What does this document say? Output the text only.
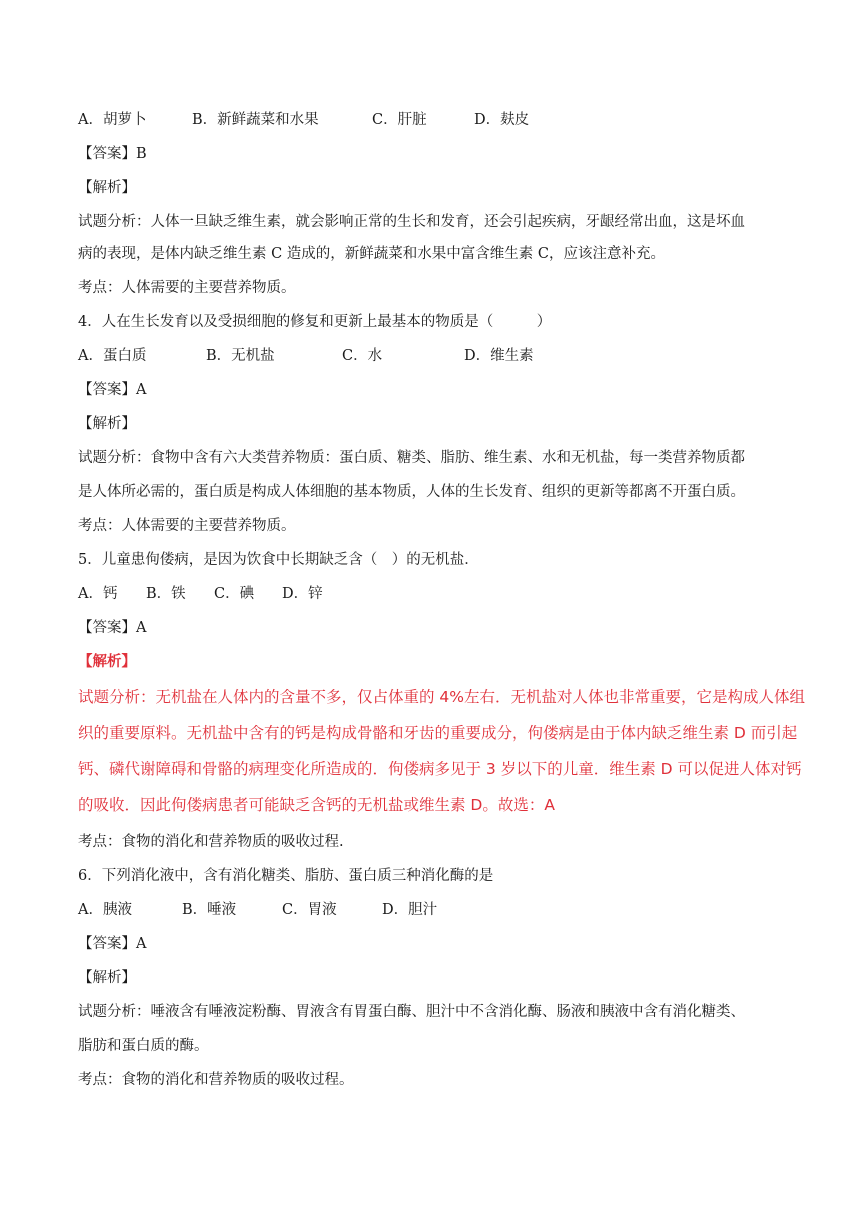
A．胡萝卜	B．新鲜蔬菜和水果	C．肝脏	D．麸皮
【答案】B
【解析】
试题分析：人体一旦缺乏维生素，就会影响正常的生长和发育，还会引起疾病，牙龈经常出血，这是坏血
病的表现，是体内缺乏维生素 C 造成的，新鲜蔬菜和水果中富含维生素 C，应该注意补充。
考点：人体需要的主要营养物质。
4．人在生长发育以及受损细胞的修复和更新上最基本的物质是（　　　）
A．蛋白质	B．无机盐	C．水	D．维生素
【答案】A
【解析】
试题分析：食物中含有六大类营养物质：蛋白质、糖类、脂肪、维生素、水和无机盐，每一类营养物质都
是人体所必需的，蛋白质是构成人体细胞的基本物质，人体的生长发育、组织的更新等都离不开蛋白质。
考点：人体需要的主要营养物质。
5．儿童患佝偻病，是因为饮食中长期缺乏含（　）的无机盐．
A．钙 B．铁 C．碘 D．锌
【答案】A
【解析】
试题分析：无机盐在人体内的含量不多，仅占体重的 4%左右．无机盐对人体也非常重要，它是构成人体组
织的重要原料。无机盐中含有的钙是构成骨骼和牙齿的重要成分，佝偻病是由于体内缺乏维生素 D 而引起
钙、磷代谢障碍和骨骼的病理变化所造成的．佝偻病多见于 3 岁以下的儿童．维生素 D 可以促进人体对钙
的吸收．因此佝偻病患者可能缺乏含钙的无机盐或维生素 D。故选：A
考点：食物的消化和营养物质的吸收过程.
6．下列消化液中，含有消化糖类、脂肪、蛋白质三种消化酶的是
A．胰液	B．唾液	C．胃液	D．胆汁
【答案】A
【解析】
试题分析：唾液含有唾液淀粉酶、胃液含有胃蛋白酶、胆汁中不含消化酶、肠液和胰液中含有消化糖类、
脂肪和蛋白质的酶。
考点：食物的消化和营养物质的吸收过程。
